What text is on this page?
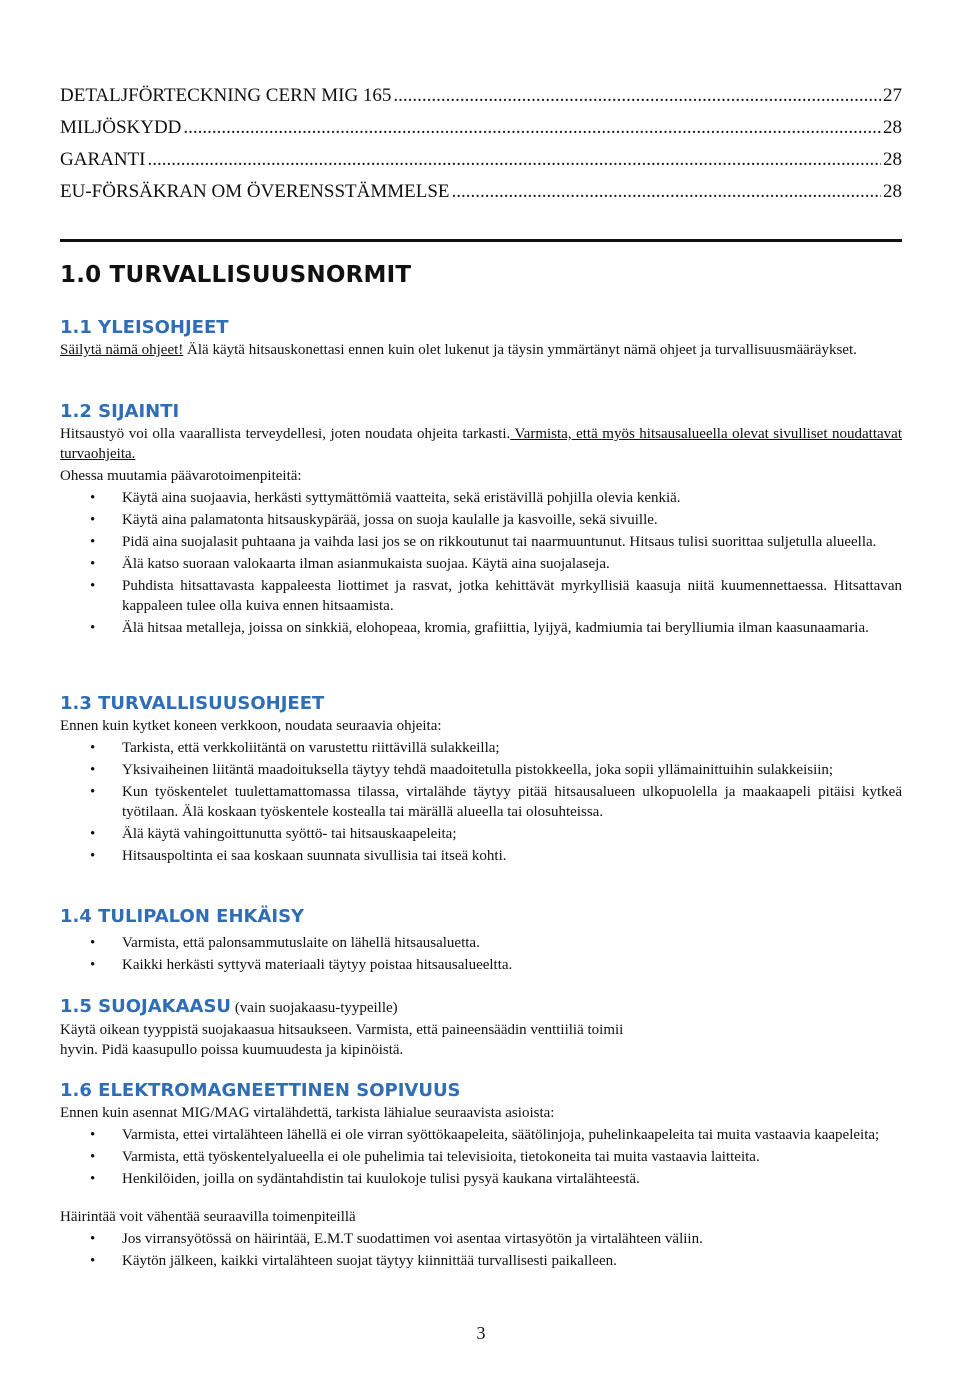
DETALJFÖRTECKNING CERN MIG 165 .....	27
MILJÖSKYDD .....	28
GARANTI .....	28
EU-FÖRSÄKRAN OM ÖVERENSSTÄMMELSE .....	28
1.0 TURVALLISUUSNORMIT
1.1 YLEISOHJEET

Säilytä nämä ohjeet! Älä käytä hitsauskonettasi ennen kuin olet lukenut ja täysin ymmärtänyt nämä ohjeet ja turvallisuusmääräykset.

1.2 SIJAINTI

Hitsaustyö voi olla vaarallista terveydellesi, joten noudata ohjeita tarkasti. Varmista, että myös hitsausalueella olevat sivulliset noudattavat turvaohjeita.

Ohessa muutamia päävarotoimenpiteitä:

• Käytä aina suojaavia, herkästi syttymättömiä vaatteita, sekä eristävillä pohjilla olevia kenkiä.
• Käytä aina palamatonta hitsauskypärää, jossa on suoja kaulalle ja kasvoille, sekä sivuille.
• Pidä aina suojalasit puhtaana ja vaihda lasi jos se on rikkoutunut tai naarmuuntunut. Hitsaus tulisi suorittaa suljetulla alueella.
• Älä katso suoraan valokaarta ilman asianmukaista suojaa. Käytä aina suojalaseja.
• Puhdista hitsattavasta kappaleesta liottimet ja rasvat, jotka kehittävät myrkyllisiä kaasuja niitä kuumennettaessa. Hitsattavan kappaleen tulee olla kuiva ennen hitsaamista.
• Älä hitsaa metalleja, joissa on sinkkiä, elohopeaa, kromia, grafiittia, lyijyä, kadmiumia tai berylliumia ilman kaasunaamaria.
1.3 TURVALLISUUSOHJEET

Ennen kuin kytket koneen verkkoon, noudata seuraavia ohjeita:

• Tarkista, että verkkoliitäntä on varustettu riittävillä sulakkeilla;
• Yksivaiheinen liitäntä maadoituksella täytyy tehdä maadoitetulla pistokkeella, joka sopii yllämainittuihin sulakkeisiin;
• Kun työskentelet tuulettamattomassa tilassa, virtalähde täytyy pitää hitsausalueen ulkopuolella ja maakaapeli pitäisi kytkeä työtilaan. Älä koskaan työskentele kostealla tai märällä alueella tai olosuhteissa.
• Älä käytä vahingoittunutta syöttö- tai hitsauskaapeleita;
• Hitsauspoltinta ei saa koskaan suunnata sivullisia tai itseä kohti.
1.4 TULIPALON EHKÄISY
• Varmista, että palonsammutuslaite on lähellä hitsausaluetta.
• Kaikki herkästi syttyvä materiaali täytyy poistaa hitsausalueeltta.
1.5 SUOJAKAASU (vain suojakaasu-tyypeille)

Käytä oikean tyyppistä suojakaasua hitsaukseen. Varmista, että paineensäädin venttiiliä toimii

hyvin. Pidä kaasupullo poissa kuumuudesta ja kipinöistä.

1.6 ELEKTROMAGNEETTINEN SOPIVUUS

Ennen kuin asennat MIG/MAG virtalähdettä, tarkista lähialue seuraavista asioista:

• Varmista, ettei virtalähteen lähellä ei ole virran syöttökaapeleita, säätölinjoja, puhelinkaapeleita tai muita vastaavia kaapeleita;
• Varmista, että työskentelyalueella ei ole puhelimia tai televisioita, tietokoneita tai muita vastaavia laitteita.
• Henkilöiden, joilla on sydäntahdistin tai kuulokoje tulisi pysyä kaukana virtalähteestä.

Häirintää voit vähentää seuraavilla toimenpiteillä

• Jos virransyötössä on häirintää, E.M.T suodattimen voi asentaa virtasyötön ja virtalähteen väliin.
• Käytön jälkeen, kaikki virtalähteen suojat täytyy kiinnittää turvallisesti paikalleen.
3
